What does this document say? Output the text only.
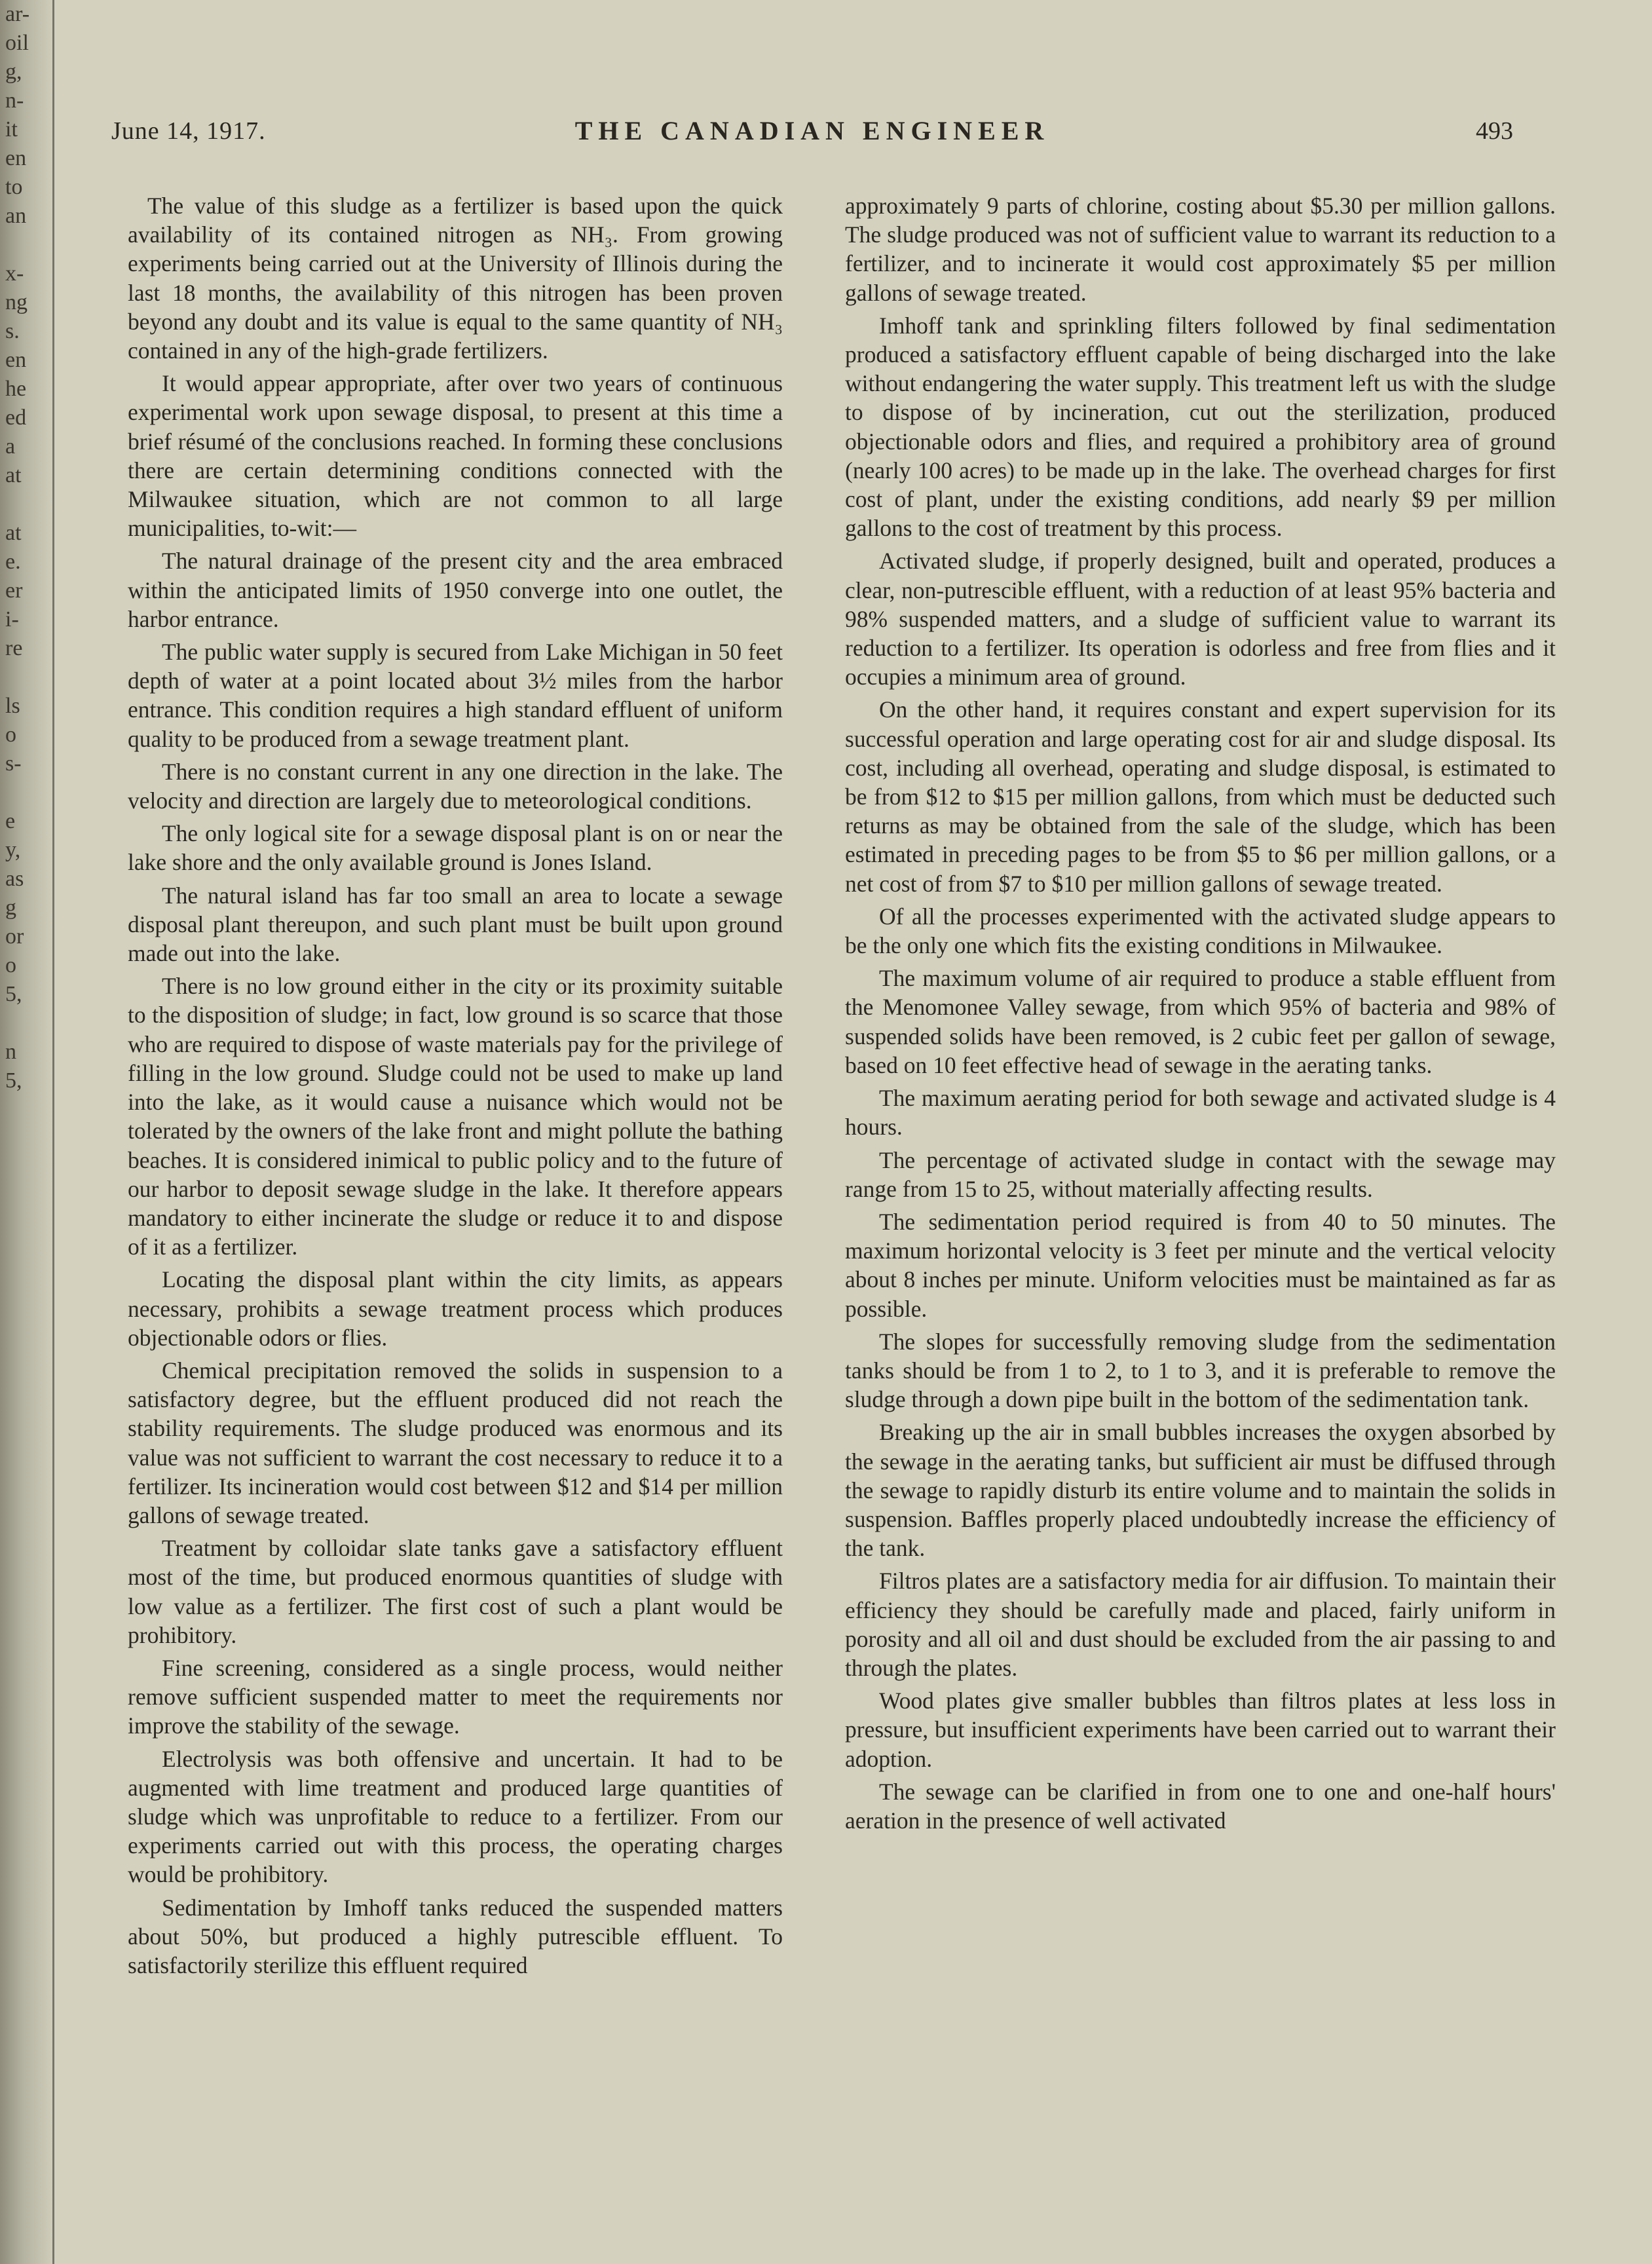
ar-
oil
g,
n-
it
en
to
an
x-
ng
s.
en
he
ed
a
at
at
e.
er
i-
re
ls
o
s-
e
y,
as
g
or
o
5,
n
5,
June 14, 1917.	THE CANADIAN ENGINEER	493

The value of this sludge as a fertilizer is based upon the quick availability of its contained nitrogen as NH₃. From growing experiments being carried out at the University of Illinois during the last 18 months, the availability of this nitrogen has been proven beyond any doubt and its value is equal to the same quantity of NH₃ contained in any of the high-grade fertilizers.

It would appear appropriate, after over two years of continuous experimental work upon sewage disposal, to present at this time a brief résumé of the conclusions reached. In forming these conclusions there are certain determining conditions connected with the Milwaukee situation, which are not common to all large municipalities, to-wit:—

The natural drainage of the present city and the area embraced within the anticipated limits of 1950 converge into one outlet, the harbor entrance.

The public water supply is secured from Lake Michigan in 50 feet depth of water at a point located about 3½ miles from the harbor entrance. This condition requires a high standard effluent of uniform quality to be produced from a sewage treatment plant.

There is no constant current in any one direction in the lake. The velocity and direction are largely due to meteorological conditions.

The only logical site for a sewage disposal plant is on or near the lake shore and the only available ground is Jones Island.

The natural island has far too small an area to locate a sewage disposal plant thereupon, and such plant must be built upon ground made out into the lake.

There is no low ground either in the city or its proximity suitable to the disposition of sludge; in fact, low ground is so scarce that those who are required to dispose of waste materials pay for the privilege of filling in the low ground. Sludge could not be used to make up land into the lake, as it would cause a nuisance which would not be tolerated by the owners of the lake front and might pollute the bathing beaches. It is considered inimical to public policy and to the future of our harbor to deposit sewage sludge in the lake. It therefore appears mandatory to either incinerate the sludge or reduce it to and dispose of it as a fertilizer.

Locating the disposal plant within the city limits, as appears necessary, prohibits a sewage treatment process which produces objectionable odors or flies.

Chemical precipitation removed the solids in suspension to a satisfactory degree, but the effluent produced did not reach the stability requirements. The sludge produced was enormous and its value was not sufficient to warrant the cost necessary to reduce it to a fertilizer. Its incineration would cost between $12 and $14 per million gallons of sewage treated.

Treatment by colloidar slate tanks gave a satisfactory effluent most of the time, but produced enormous quantities of sludge with low value as a fertilizer. The first cost of such a plant would be prohibitory.

Fine screening, considered as a single process, would neither remove sufficient suspended matter to meet the requirements nor improve the stability of the sewage.

Electrolysis was both offensive and uncertain. It had to be augmented with lime treatment and produced large quantities of sludge which was unprofitable to reduce to a fertilizer. From our experiments carried out with this process, the operating charges would be prohibitory.

Sedimentation by Imhoff tanks reduced the suspended matters about 50%, but produced a highly putrescible effluent. To satisfactorily sterilize this effluent required

approximately 9 parts of chlorine, costing about $5.30 per million gallons. The sludge produced was not of sufficient value to warrant its reduction to a fertilizer, and to incinerate it would cost approximately $5 per million gallons of sewage treated.

Imhoff tank and sprinkling filters followed by final sedimentation produced a satisfactory effluent capable of being discharged into the lake without endangering the water supply. This treatment left us with the sludge to dispose of by incineration, cut out the sterilization, produced objectionable odors and flies, and required a prohibitory area of ground (nearly 100 acres) to be made up in the lake. The overhead charges for first cost of plant, under the existing conditions, add nearly $9 per million gallons to the cost of treatment by this process.

Activated sludge, if properly designed, built and operated, produces a clear, non-putrescible effluent, with a reduction of at least 95% bacteria and 98% suspended matters, and a sludge of sufficient value to warrant its reduction to a fertilizer. Its operation is odorless and free from flies and it occupies a minimum area of ground.

On the other hand, it requires constant and expert supervision for its successful operation and large operating cost for air and sludge disposal. Its cost, including all overhead, operating and sludge disposal, is estimated to be from $12 to $15 per million gallons, from which must be deducted such returns as may be obtained from the sale of the sludge, which has been estimated in preceding pages to be from $5 to $6 per million gallons, or a net cost of from $7 to $10 per million gallons of sewage treated.

Of all the processes experimented with the activated sludge appears to be the only one which fits the existing conditions in Milwaukee.

The maximum volume of air required to produce a stable effluent from the Menomonee Valley sewage, from which 95% of bacteria and 98% of suspended solids have been removed, is 2 cubic feet per gallon of sewage, based on 10 feet effective head of sewage in the aerating tanks.

The maximum aerating period for both sewage and activated sludge is 4 hours.

The percentage of activated sludge in contact with the sewage may range from 15 to 25, without materially affecting results.

The sedimentation period required is from 40 to 50 minutes. The maximum horizontal velocity is 3 feet per minute and the vertical velocity about 8 inches per minute. Uniform velocities must be maintained as far as possible.

The slopes for successfully removing sludge from the sedimentation tanks should be from 1 to 2, to 1 to 3, and it is preferable to remove the sludge through a down pipe built in the bottom of the sedimentation tank.

Breaking up the air in small bubbles increases the oxygen absorbed by the sewage in the aerating tanks, but sufficient air must be diffused through the sewage to rapidly disturb its entire volume and to maintain the solids in suspension. Baffles properly placed undoubtedly increase the efficiency of the tank.

Filtros plates are a satisfactory media for air diffusion. To maintain their efficiency they should be carefully made and placed, fairly uniform in porosity and all oil and dust should be excluded from the air passing to and through the plates.

Wood plates give smaller bubbles than filtros plates at less loss in pressure, but insufficient experiments have been carried out to warrant their adoption.

The sewage can be clarified in from one to one and one-half hours' aeration in the presence of well activated
